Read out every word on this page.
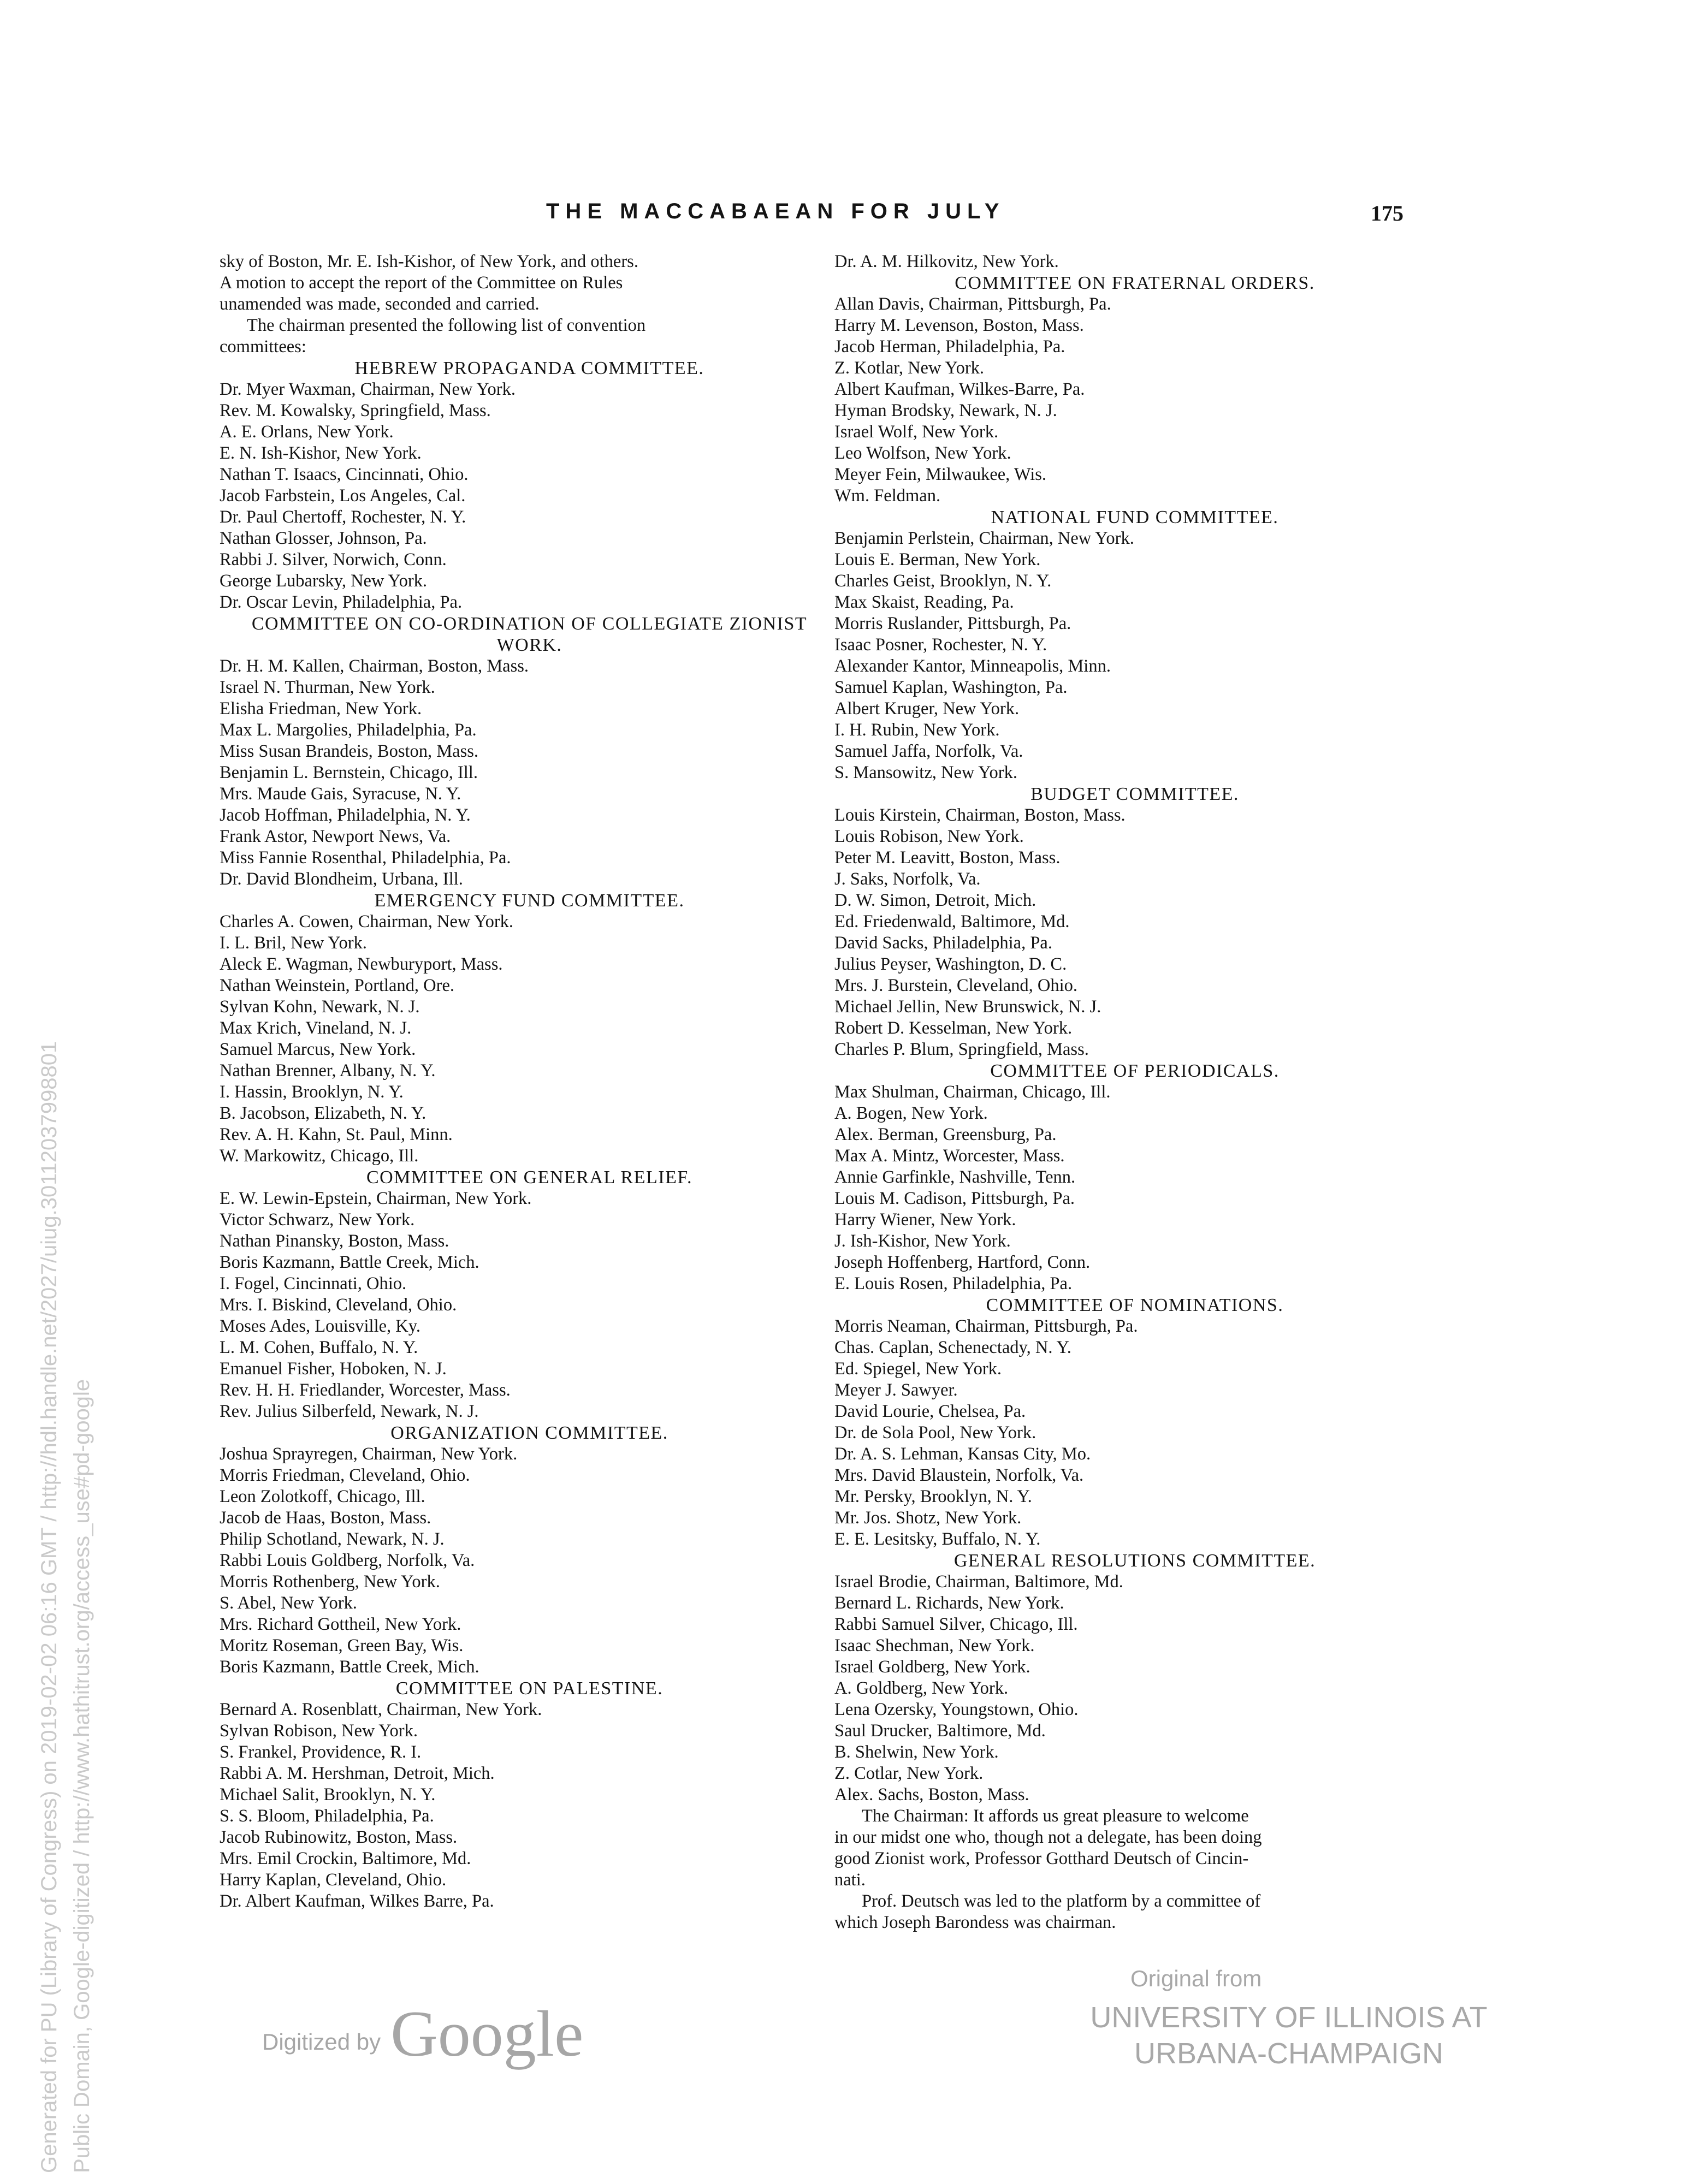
THE MACCABAEAN FOR JULY	175

sky of Boston, Mr. E. Ish-Kishor, of New York, and others.

A motion to accept the report of the Committee on Rules

unamended was made, seconded and carried.

The chairman presented the following list of convention

committees:

HEBREW PROPAGANDA COMMITTEE.

Dr. Myer Waxman, Chairman, New York.

Rev. M. Kowalsky, Springfield, Mass.

A. E. Orlans, New York.

E. N. Ish-Kishor, New York.

Nathan T. Isaacs, Cincinnati, Ohio.

Jacob Farbstein, Los Angeles, Cal.

Dr. Paul Chertoff, Rochester, N. Y.

Nathan Glosser, Johnson, Pa.

Rabbi J. Silver, Norwich, Conn.

George Lubarsky, New York.

Dr. Oscar Levin, Philadelphia, Pa.

COMMITTEE ON CO-ORDINATION OF COLLEGIATE ZIONIST WORK.

Dr. H. M. Kallen, Chairman, Boston, Mass.

Israel N. Thurman, New York.

Elisha Friedman, New York.

Max L. Margolies, Philadelphia, Pa.

Miss Susan Brandeis, Boston, Mass.

Benjamin L. Bernstein, Chicago, Ill.

Mrs. Maude Gais, Syracuse, N. Y.

Jacob Hoffman, Philadelphia, N. Y.

Frank Astor, Newport News, Va.

Miss Fannie Rosenthal, Philadelphia, Pa.

Dr. David Blondheim, Urbana, Ill.

EMERGENCY FUND COMMITTEE.

Charles A. Cowen, Chairman, New York.

I. L. Bril, New York.

Aleck E. Wagman, Newburyport, Mass.

Nathan Weinstein, Portland, Ore.

Sylvan Kohn, Newark, N. J.

Max Krich, Vineland, N. J.

Samuel Marcus, New York.

Nathan Brenner, Albany, N. Y.

I. Hassin, Brooklyn, N. Y.

B. Jacobson, Elizabeth, N. Y.

Rev. A. H. Kahn, St. Paul, Minn.

W. Markowitz, Chicago, Ill.

COMMITTEE ON GENERAL RELIEF.

E. W. Lewin-Epstein, Chairman, New York.

Victor Schwarz, New York.

Nathan Pinansky, Boston, Mass.

Boris Kazmann, Battle Creek, Mich.

I. Fogel, Cincinnati, Ohio.

Mrs. I. Biskind, Cleveland, Ohio.

Moses Ades, Louisville, Ky.

L. M. Cohen, Buffalo, N. Y.

Emanuel Fisher, Hoboken, N. J.

Rev. H. H. Friedlander, Worcester, Mass.

Rev. Julius Silberfeld, Newark, N. J.

ORGANIZATION COMMITTEE.

Joshua Sprayregen, Chairman, New York.

Morris Friedman, Cleveland, Ohio.

Leon Zolotkoff, Chicago, Ill.

Jacob de Haas, Boston, Mass.

Philip Schotland, Newark, N. J.

Rabbi Louis Goldberg, Norfolk, Va.

Morris Rothenberg, New York.

S. Abel, New York.

Mrs. Richard Gottheil, New York.

Moritz Roseman, Green Bay, Wis.

Boris Kazmann, Battle Creek, Mich.

COMMITTEE ON PALESTINE.

Bernard A. Rosenblatt, Chairman, New York.

Sylvan Robison, New York.

S. Frankel, Providence, R. I.

Rabbi A. M. Hershman, Detroit, Mich.

Michael Salit, Brooklyn, N. Y.

S. S. Bloom, Philadelphia, Pa.

Jacob Rubinowitz, Boston, Mass.

Mrs. Emil Crockin, Baltimore, Md.

Harry Kaplan, Cleveland, Ohio.

Dr. Albert Kaufman, Wilkes Barre, Pa.

Dr. A. M. Hilkovitz, New York.

COMMITTEE ON FRATERNAL ORDERS.

Allan Davis, Chairman, Pittsburgh, Pa.

Harry M. Levenson, Boston, Mass.

Jacob Herman, Philadelphia, Pa.

Z. Kotlar, New York.

Albert Kaufman, Wilkes-Barre, Pa.

Hyman Brodsky, Newark, N. J.

Israel Wolf, New York.

Leo Wolfson, New York.

Meyer Fein, Milwaukee, Wis.

Wm. Feldman.

NATIONAL FUND COMMITTEE.

Benjamin Perlstein, Chairman, New York.

Louis E. Berman, New York.

Charles Geist, Brooklyn, N. Y.

Max Skaist, Reading, Pa.

Morris Ruslander, Pittsburgh, Pa.

Isaac Posner, Rochester, N. Y.

Alexander Kantor, Minneapolis, Minn.

Samuel Kaplan, Washington, Pa.

Albert Kruger, New York.

I. H. Rubin, New York.

Samuel Jaffa, Norfolk, Va.

S. Mansowitz, New York.

BUDGET COMMITTEE.

Louis Kirstein, Chairman, Boston, Mass.

Louis Robison, New York.

Peter M. Leavitt, Boston, Mass.

J. Saks, Norfolk, Va.

D. W. Simon, Detroit, Mich.

Ed. Friedenwald, Baltimore, Md.

David Sacks, Philadelphia, Pa.

Julius Peyser, Washington, D. C.

Mrs. J. Burstein, Cleveland, Ohio.

Michael Jellin, New Brunswick, N. J.

Robert D. Kesselman, New York.

Charles P. Blum, Springfield, Mass.

COMMITTEE OF PERIODICALS.

Max Shulman, Chairman, Chicago, Ill.

A. Bogen, New York.

Alex. Berman, Greensburg, Pa.

Max A. Mintz, Worcester, Mass.

Annie Garfinkle, Nashville, Tenn.

Louis M. Cadison, Pittsburgh, Pa.

Harry Wiener, New York.

J. Ish-Kishor, New York.

Joseph Hoffenberg, Hartford, Conn.

E. Louis Rosen, Philadelphia, Pa.

COMMITTEE OF NOMINATIONS.

Morris Neaman, Chairman, Pittsburgh, Pa.

Chas. Caplan, Schenectady, N. Y.

Ed. Spiegel, New York.

Meyer J. Sawyer.

David Lourie, Chelsea, Pa.

Dr. de Sola Pool, New York.

Dr. A. S. Lehman, Kansas City, Mo.

Mrs. David Blaustein, Norfolk, Va.

Mr. Persky, Brooklyn, N. Y.

Mr. Jos. Shotz, New York.

E. E. Lesitsky, Buffalo, N. Y.

GENERAL RESOLUTIONS COMMITTEE.

Israel Brodie, Chairman, Baltimore, Md.

Bernard L. Richards, New York.

Rabbi Samuel Silver, Chicago, Ill.

Isaac Shechman, New York.

Israel Goldberg, New York.

A. Goldberg, New York.

Lena Ozersky, Youngstown, Ohio.

Saul Drucker, Baltimore, Md.

B. Shelwin, New York.

Z. Cotlar, New York.

Alex. Sachs, Boston, Mass.

The Chairman: It affords us great pleasure to welcome

in our midst one who, though not a delegate, has been doing

good Zionist work, Professor Gotthard Deutsch of Cincin-

nati.

Prof. Deutsch was led to the platform by a committee of

which Joseph Barondess was chairman.

Generated for PU (Library of Congress) on 2019-02-02 06:16 GMT / http://hdl.handle.net/2027/uiug.30112037998801 Public Domain, Google-digitized / http://www.hathitrust.org/access_use#pd-google	Digitized by Google
Original from
UNIVERSITY OF ILLINOIS AT
URBANA-CHAMPAIGN
